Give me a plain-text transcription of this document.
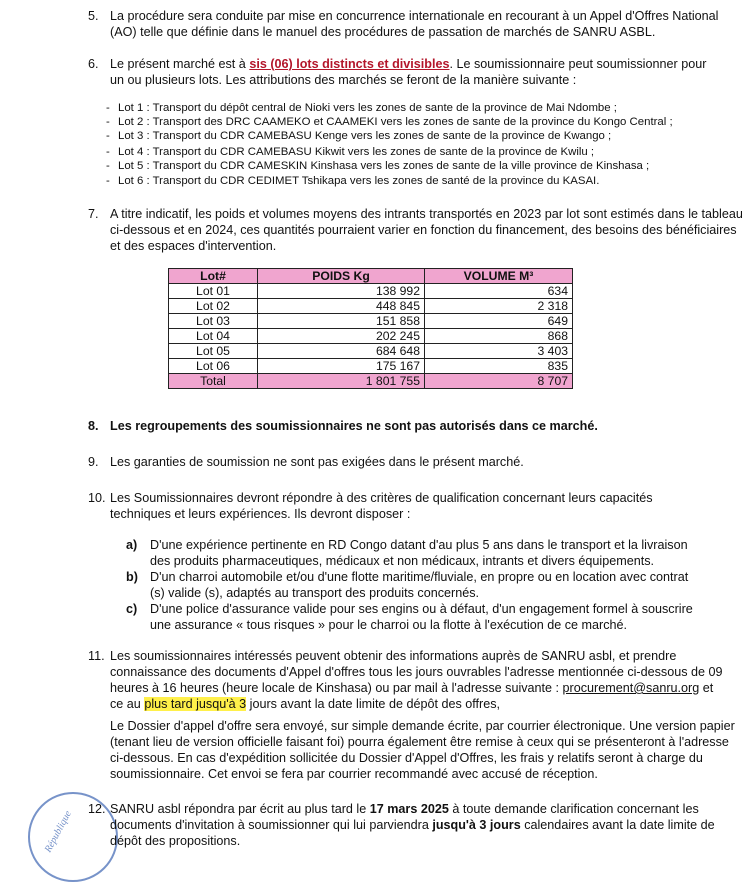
5. La procédure sera conduite par mise en concurrence internationale en recourant à un Appel d'Offres National

(AO) telle que définie dans le manuel des procédures de passation de marchés de SANRU ASBL.

6. Le présent marché est à sis (06) lots distincts et divisibles. Le soumissionnaire peut soumissionner pour

un ou plusieurs lots. Les attributions des marchés se feront de la manière suivante :

- Lot 1 : Transport du dépôt central de Nioki vers les zones de sante de la province de Mai Ndombe ;
- Lot 2 : Transport des DRC CAAMEKO et CAAMEKI vers les zones de sante de la province du Kongo Central ;
- Lot 3 : Transport du CDR CAMEBASU Kenge vers les zones de sante de la province de Kwango ;
- Lot 4 : Transport du CDR CAMEBASU Kikwit vers les zones de sante de la province de Kwilu ;
- Lot 5 : Transport du CDR CAMESKIN Kinshasa vers les zones de sante de la ville province de Kinshasa ;
- Lot 6 : Transport du CDR CEDIMET Tshikapa vers les zones de santé de la province du KASAI.
7. A titre indicatif, les poids et volumes moyens des intrants transportés en 2023 par lot sont estimés dans le tableau

ci-dessous et en 2024, ces quantités pourraient varier en fonction du financement, des besoins des bénéficiaires

et des espaces d'intervention.

Lot#	POIDS Kg	VOLUME M³
Lot 01	138 992	634
Lot 02	448 845	2 318
Lot 03	151 858	649
Lot 04	202 245	868
Lot 05	684 648	3 403
Lot 06	175 167	835
Total	1 801 755	8 707
8. Les regroupements des soumissionnaires ne sont pas autorisés dans ce marché.

9. Les garanties de soumission ne sont pas exigées dans le présent marché.

10. Les Soumissionnaires devront répondre à des critères de qualification concernant leurs capacités

techniques et leurs expériences. Ils devront disposer :

a) D'une expérience pertinente en RD Congo datant d'au plus 5 ans dans le transport et la livraison

des produits pharmaceutiques, médicaux et non médicaux, intrants et divers équipements.

b) D'un charroi automobile et/ou d'une flotte maritime/fluviale, en propre ou en location avec contrat

(s) valide (s), adaptés au transport des produits concernés.

c) D'une police d'assurance valide pour ses engins ou à défaut, d'un engagement formel à souscrire

une assurance « tous risques » pour le charroi ou la flotte à l'exécution de ce marché.

11. Les soumissionnaires intéressés peuvent obtenir des informations auprès de SANRU asbl, et prendre

connaissance des documents d'Appel d'offres tous les jours ouvrables l'adresse mentionnée ci-dessous de 09

heures à 16 heures (heure locale de Kinshasa) ou par mail à l'adresse suivante : procurement@sanru.org et

ce au plus tard jusqu'à 3 jours avant la date limite de dépôt des offres,

Le Dossier d'appel d'offre sera envoyé, sur simple demande écrite, par courrier électronique. Une version papier

(tenant lieu de version officielle faisant foi) pourra également être remise à ceux qui se présenteront à l'adresse

ci-dessous. En cas d'expédition sollicitée du Dossier d'Appel d'Offres, les frais y relatifs seront à charge du

soumissionnaire. Cet envoi se fera par courrier recommandé avec accusé de réception.

République
12. SANRU asbl répondra par écrit au plus tard le 17 mars 2025 à toute demande clarification concernant les

documents d'invitation à soumissionner qui lui parviendra jusqu'à 3 jours calendaires avant la date limite de

dépôt des propositions.
